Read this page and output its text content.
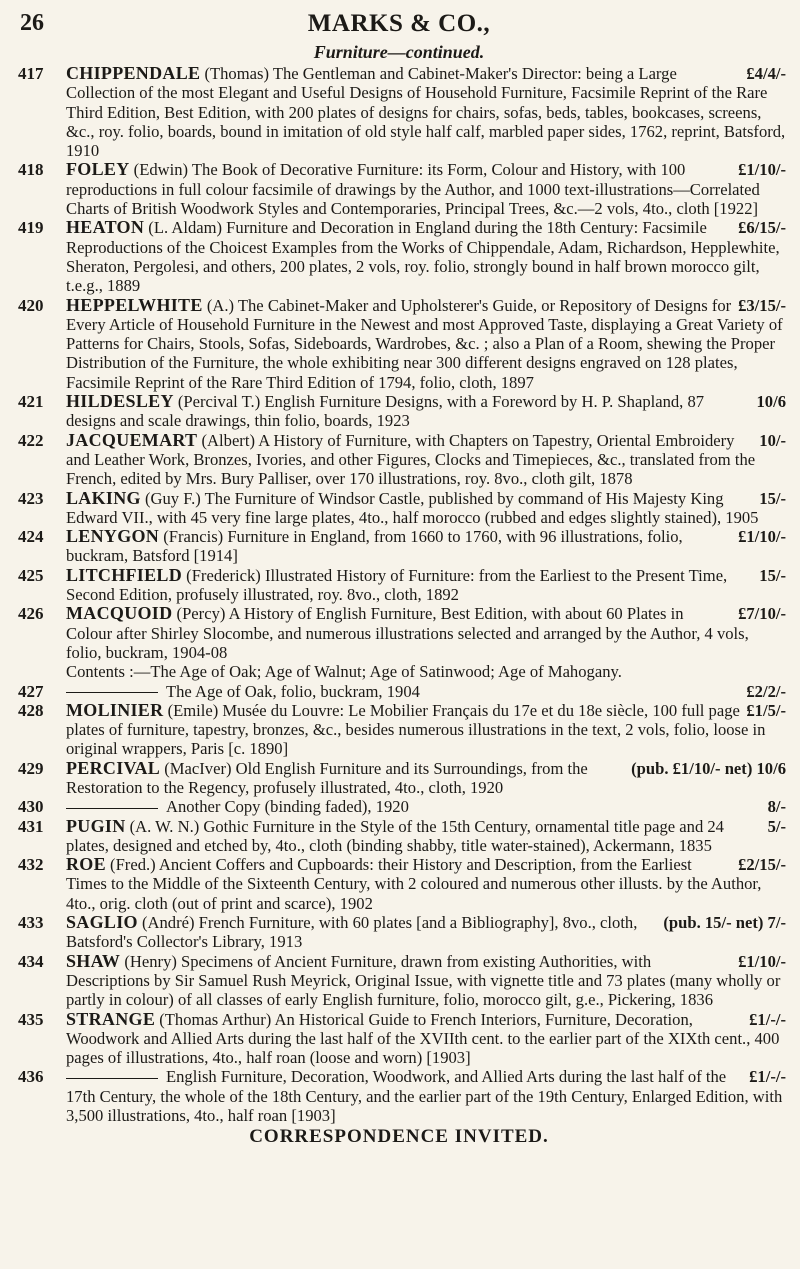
26	MARKS & CO.,
Furniture—continued.

417	£4/4/-
CHIPPENDALE (Thomas) The Gentleman and Cabinet-Maker's Director: being a Large Collection of the most Elegant and Useful Designs of Household Furniture, Facsimile Reprint of the Rare Third Edition, Best Edition, with 200 plates of designs for chairs, sofas, beds, tables, bookcases, screens, &c., roy. folio, boards, bound in imitation of old style half calf, marbled paper sides, 1762, reprint, Batsford, 1910

418	£1/10/-
FOLEY (Edwin) The Book of Decorative Furniture: its Form, Colour and History, with 100 reproductions in full colour facsimile of drawings by the Author, and 1000 text-illustrations—Correlated Charts of British Woodwork Styles and Contemporaries, Principal Trees, &c.—2 vols, 4to., cloth [1922]

419	£6/15/-
HEATON (L. Aldam) Furniture and Decoration in England during the 18th Century: Facsimile Reproductions of the Choicest Examples from the Works of Chippendale, Adam, Richardson, Hepplewhite, Sheraton, Pergolesi, and others, 200 plates, 2 vols, roy. folio, strongly bound in half brown morocco gilt, t.e.g., 1889

420	£3/15/-
HEPPELWHITE (A.) The Cabinet-Maker and Upholsterer's Guide, or Repository of Designs for Every Article of Household Furniture in the Newest and most Approved Taste, displaying a Great Variety of Patterns for Chairs, Stools, Sofas, Sideboards, Wardrobes, &c. ; also a Plan of a Room, shewing the Proper Distribution of the Furniture, the whole exhibiting near 300 different designs engraved on 128 plates, Facsimile Reprint of the Rare Third Edition of 1794, folio, cloth, 1897

421	10/6
HILDESLEY (Percival T.) English Furniture Designs, with a Foreword by H. P. Shapland, 87 designs and scale drawings, thin folio, boards, 1923

422	10/-
JACQUEMART (Albert) A History of Furniture, with Chapters on Tapestry, Oriental Embroidery and Leather Work, Bronzes, Ivories, and other Figures, Clocks and Timepieces, &c., translated from the French, edited by Mrs. Bury Palliser, over 170 illustrations, roy. 8vo., cloth gilt, 1878

423	15/-
LAKING (Guy F.) The Furniture of Windsor Castle, published by command of His Majesty King Edward VII., with 45 very fine large plates, 4to., half morocco (rubbed and edges slightly stained), 1905

424	£1/10/-
LENYGON (Francis) Furniture in England, from 1660 to 1760, with 96 illustrations, folio, buckram, Batsford [1914]

425	15/-
LITCHFIELD (Frederick) Illustrated History of Furniture: from the Earliest to the Present Time, Second Edition, profusely illustrated, roy. 8vo., cloth, 1892

426	£7/10/-
MACQUOID (Percy) A History of English Furniture, Best Edition, with about 60 Plates in Colour after Shirley Slocombe, and numerous illustrations selected and arranged by the Author, 4 vols, folio, buckram, 1904-08

Contents :—The Age of Oak; Age of Walnut; Age of Satinwood; Age of Mahogany.

427	£2/2/-
The Age of Oak, folio, buckram, 1904

428	£1/5/-
MOLINIER (Emile) Musée du Louvre: Le Mobilier Français du 17e et du 18e siècle, 100 full page plates of furniture, tapestry, bronzes, &c., besides numerous illustrations in the text, 2 vols, folio, loose in original wrappers, Paris [c. 1890]

429	(pub. £1/10/- net) 10/6
PERCIVAL (MacIver) Old English Furniture and its Surroundings, from the Restoration to the Regency, profusely illustrated, 4to., cloth, 1920

430	8/-
Another Copy (binding faded), 1920

431	5/-
PUGIN (A. W. N.) Gothic Furniture in the Style of the 15th Century, ornamental title page and 24 plates, designed and etched by, 4to., cloth (binding shabby, title water-stained), Ackermann, 1835

432	£2/15/-
ROE (Fred.) Ancient Coffers and Cupboards: their History and Description, from the Earliest Times to the Middle of the Sixteenth Century, with 2 coloured and numerous other illusts. by the Author, 4to., orig. cloth (out of print and scarce), 1902

433	(pub. 15/- net) 7/-
SAGLIO (André) French Furniture, with 60 plates [and a Bibliography], 8vo., cloth, Batsford's Collector's Library, 1913

434	£1/10/-
SHAW (Henry) Specimens of Ancient Furniture, drawn from existing Authorities, with Descriptions by Sir Samuel Rush Meyrick, Original Issue, with vignette title and 73 plates (many wholly or partly in colour) of all classes of early English furniture, folio, morocco gilt, g.e., Pickering, 1836

435	£1/-/-
STRANGE (Thomas Arthur) An Historical Guide to French Interiors, Furniture, Decoration, Woodwork and Allied Arts during the last half of the XVIIth cent. to the earlier part of the XIXth cent., 400 pages of illustrations, 4to., half roan (loose and worn) [1903]

436	£1/-/-
English Furniture, Decoration, Woodwork, and Allied Arts during the last half of the 17th Century, the whole of the 18th Century, and the earlier part of the 19th Century, Enlarged Edition, with 3,500 illustrations, 4to., half roan [1903]

CORRESPONDENCE INVITED.
